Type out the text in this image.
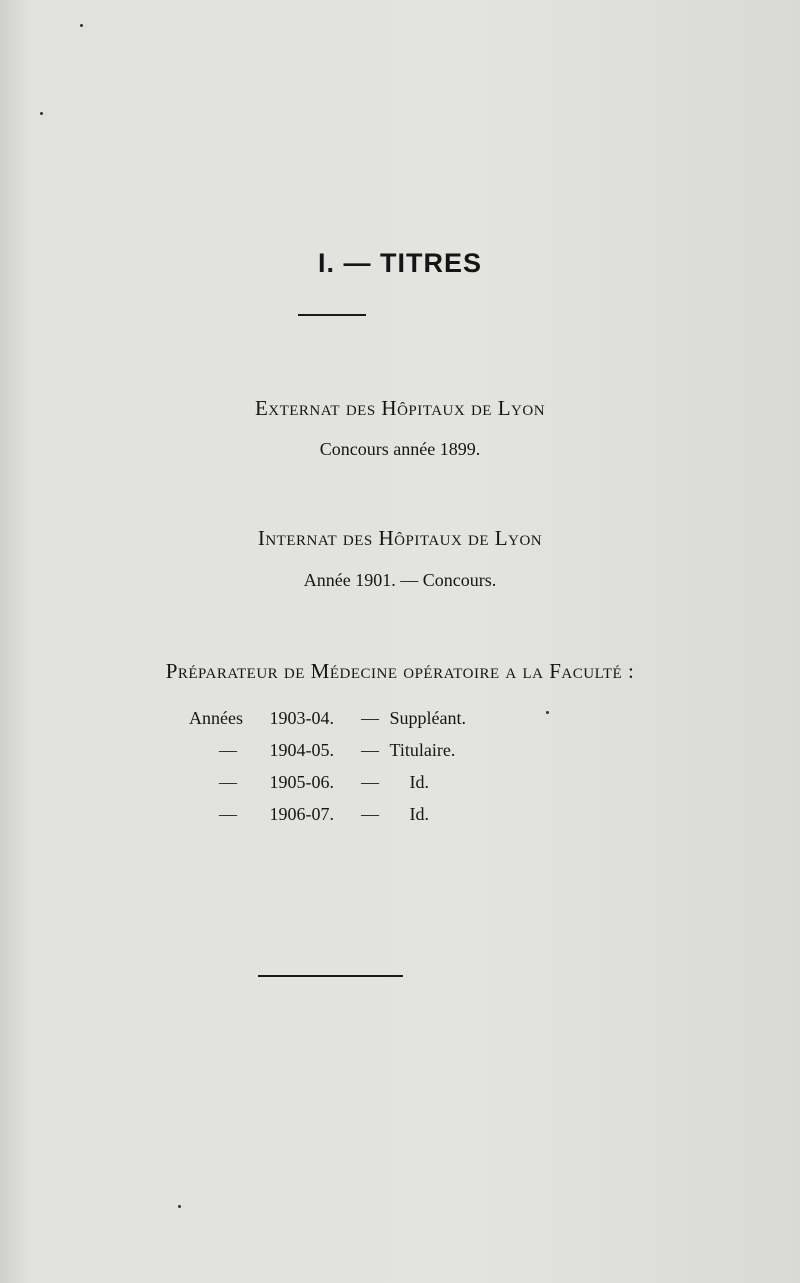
I. — TITRES
Externat des Hôpitaux de Lyon
Concours année 1899.
Internat des Hôpitaux de Lyon
Année 1901. — Concours.
Préparateur de Médecine opératoire a la Faculté :
Années 1903-04. — Suppléant.
— 1904-05. — Titulaire.
— 1905-06. — Id.
— 1906-07. — Id.
